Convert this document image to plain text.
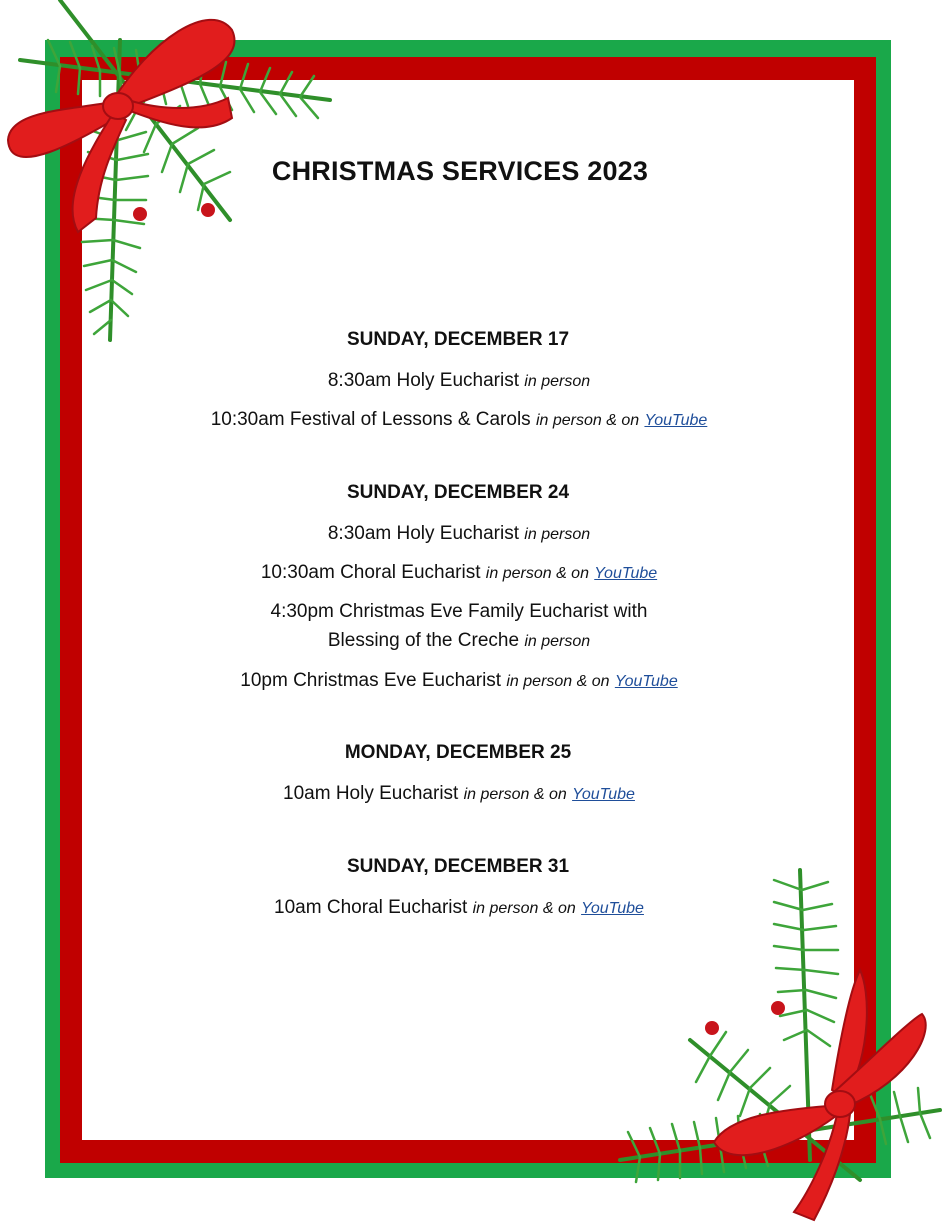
CHRISTMAS SERVICES 2023
SUNDAY, DECEMBER 17
8:30am Holy Eucharist in person
10:30am Festival of Lessons & Carols in person & on YouTube
SUNDAY, DECEMBER 24
8:30am Holy Eucharist in person
10:30am Choral Eucharist in person & on YouTube
4:30pm Christmas Eve Family Eucharist with
Blessing of the Creche in person
10pm Christmas Eve Eucharist in person & on YouTube
MONDAY, DECEMBER 25
10am Holy Eucharist in person & on YouTube
SUNDAY, DECEMBER 31
10am Choral Eucharist in person & on YouTube
